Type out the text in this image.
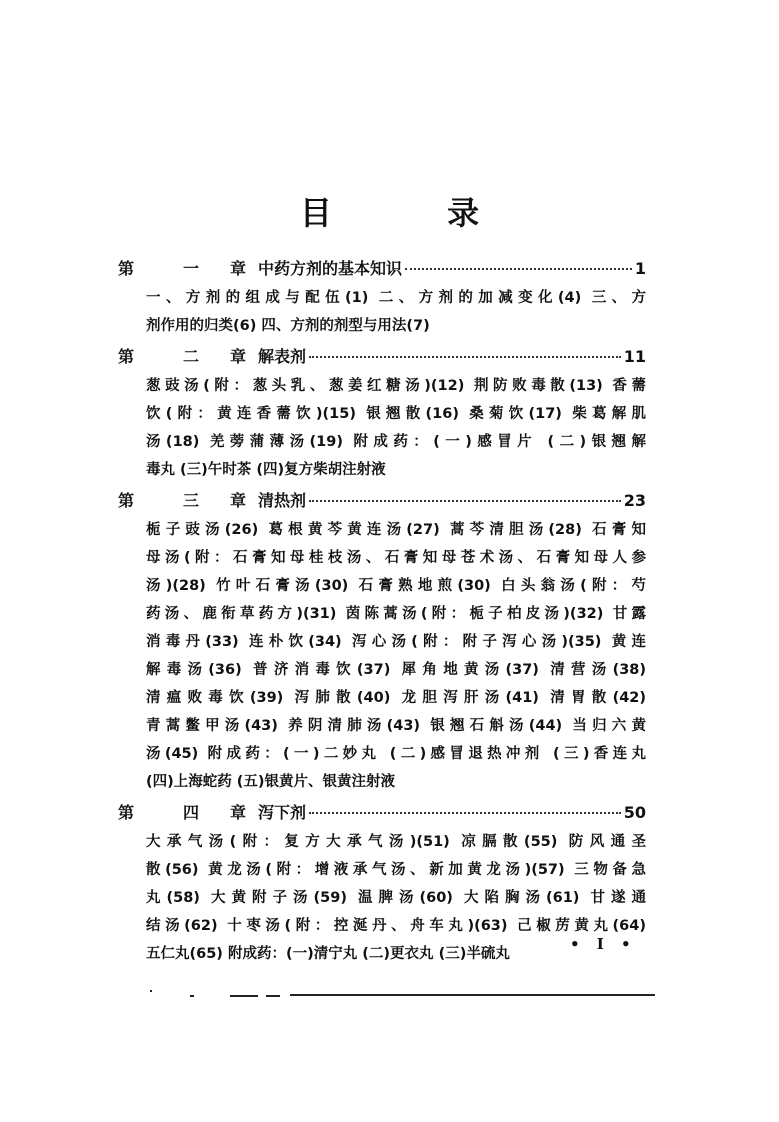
目 录
第	一 章 中药方剂的基本知识	1
一、方剂的组成与配伍(1) 二、方剂的加减变化(4) 三、方
剂作用的归类(6) 四、方剂的剂型与用法(7)
第	二 章 解表剂	11
葱豉汤(附：葱头乳、葱姜红糖汤)(12) 荆防败毒散(13) 香薷
饮(附：黄连香薷饮)(15) 银翘散(16) 桑菊饮(17) 柴葛解肌
汤(18) 羌蒡蒲薄汤(19) 附成药：(一)感冒片 (二)银翘解
毒丸 (三)午时茶 (四)复方柴胡注射液
第	三 章 清热剂	23
栀子豉汤(26) 葛根黄芩黄连汤(27) 蒿芩清胆汤(28) 石膏知
母汤(附：石膏知母桂枝汤、石膏知母苍术汤、石膏知母人参
汤)(28) 竹叶石膏汤(30) 石膏熟地煎(30) 白头翁汤(附：芍
药汤、鹿衔草药方)(31) 茵陈蒿汤(附：栀子柏皮汤)(32) 甘露
消毒丹(33) 连朴饮(34) 泻心汤(附：附子泻心汤)(35) 黄连
解毒汤(36) 普济消毒饮(37) 犀角地黄汤(37) 清营汤(38)
清瘟败毒饮(39) 泻肺散(40) 龙胆泻肝汤(41) 清胃散(42)
青蒿鳖甲汤(43) 养阴清肺汤(43) 银翘石斛汤(44) 当归六黄
汤(45) 附成药：(一)二妙丸 (二)感冒退热冲剂 (三)香连丸
(四)上海蛇药 (五)银黄片、银黄注射液
第	四 章 泻下剂	50
大承气汤(附：复方大承气汤)(51) 凉膈散(55) 防风通圣
散(56) 黄龙汤(附：增液承气汤、新加黄龙汤)(57) 三物备急
丸(58) 大黄附子汤(59) 温脾汤(60) 大陷胸汤(61) 甘遂通
结汤(62) 十枣汤(附：控涎丹、舟车丸)(63) 己椒苈黄丸(64)
五仁丸(65) 附成药：(一)清宁丸 (二)更衣丸 (三)半硫丸
• I •
